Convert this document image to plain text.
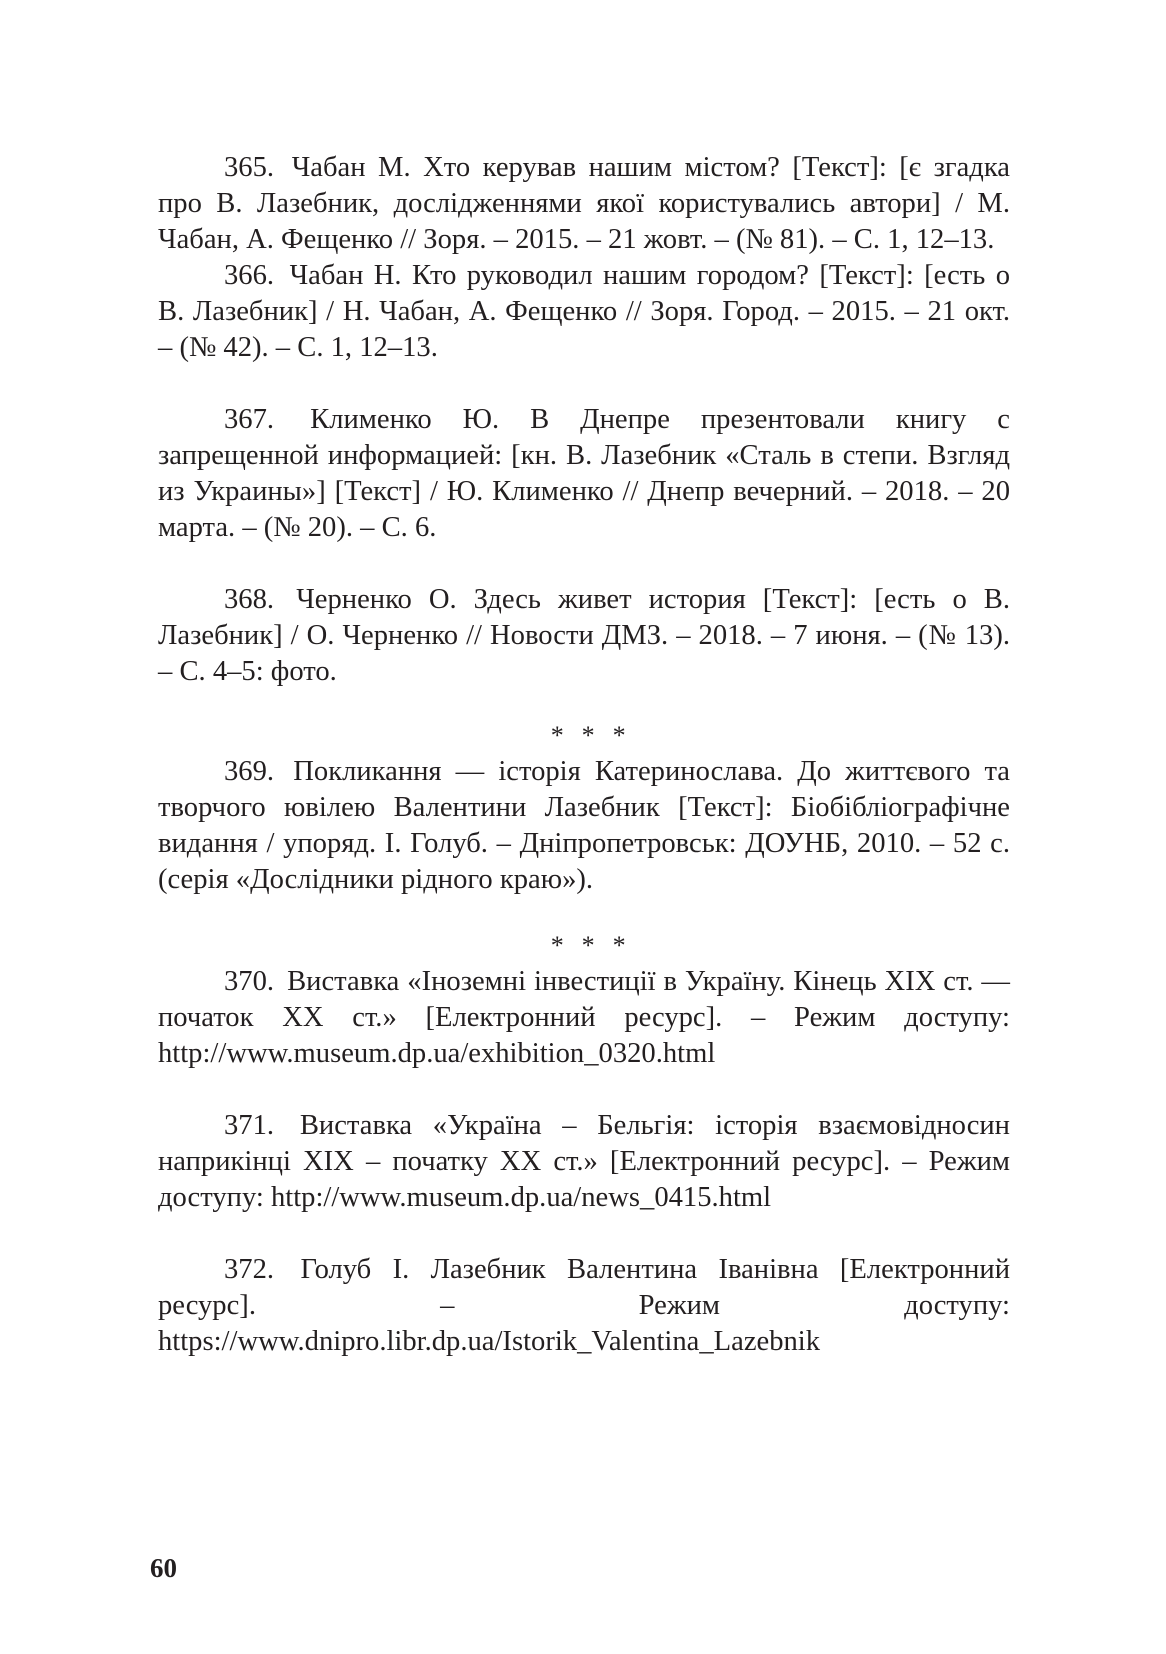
365. Чабан М. Хто керував нашим містом? [Текст]: [є згадка про В. Лазебник, дослідженнями якої користувались автори] / М. Чабан, А. Фещенко // Зоря. – 2015. – 21 жовт. – (№ 81). – С. 1, 12–13.

366. Чабан Н. Кто руководил нашим городом? [Текст]: [есть о В. Лазебник] / Н. Чабан, А. Фещенко // Зоря. Город. – 2015. – 21 окт. – (№ 42). – С. 1, 12–13.

367. Клименко Ю. В Днепре презентовали книгу с запрещенной информацией: [кн. В. Лазебник «Сталь в степи. Взгляд из Украины»] [Текст] / Ю. Клименко // Днепр вечерний. – 2018. – 20 марта. – (№ 20). – С. 6.

368. Черненко О. Здесь живет история [Текст]: [есть о В. Лазебник] / О. Черненко // Новости ДМЗ. – 2018. – 7 июня. – (№ 13). – С. 4–5: фото.

* * *

369. Покликання — історія Катеринослава. До життєвого та творчого ювілею Валентини Лазебник [Текст]: Біобібліографічне видання / упоряд. І. Голуб. – Дніпропетровськ: ДОУНБ, 2010. – 52 с. (серія «Дослідники рідного краю»).

* * *

370. Виставка «Іноземні інвестиції в Україну. Кінець XIX ст. — початок XX ст.» [Електронний ресурс]. – Режим доступу: http://www.museum.dp.ua/exhibition_0320.html

371. Виставка «Україна – Бельгія: історія взаємовідносин наприкінці XIX – початку XX ст.» [Електронний ресурс]. – Режим доступу: http://www.museum.dp.ua/news_0415.html

372. Голуб І. Лазебник Валентина Іванівна [Електронний ресурс]. – Режим доступу: https://www.dnipro.libr.dp.ua/Istorik_Valentina_Lazebnik

60
